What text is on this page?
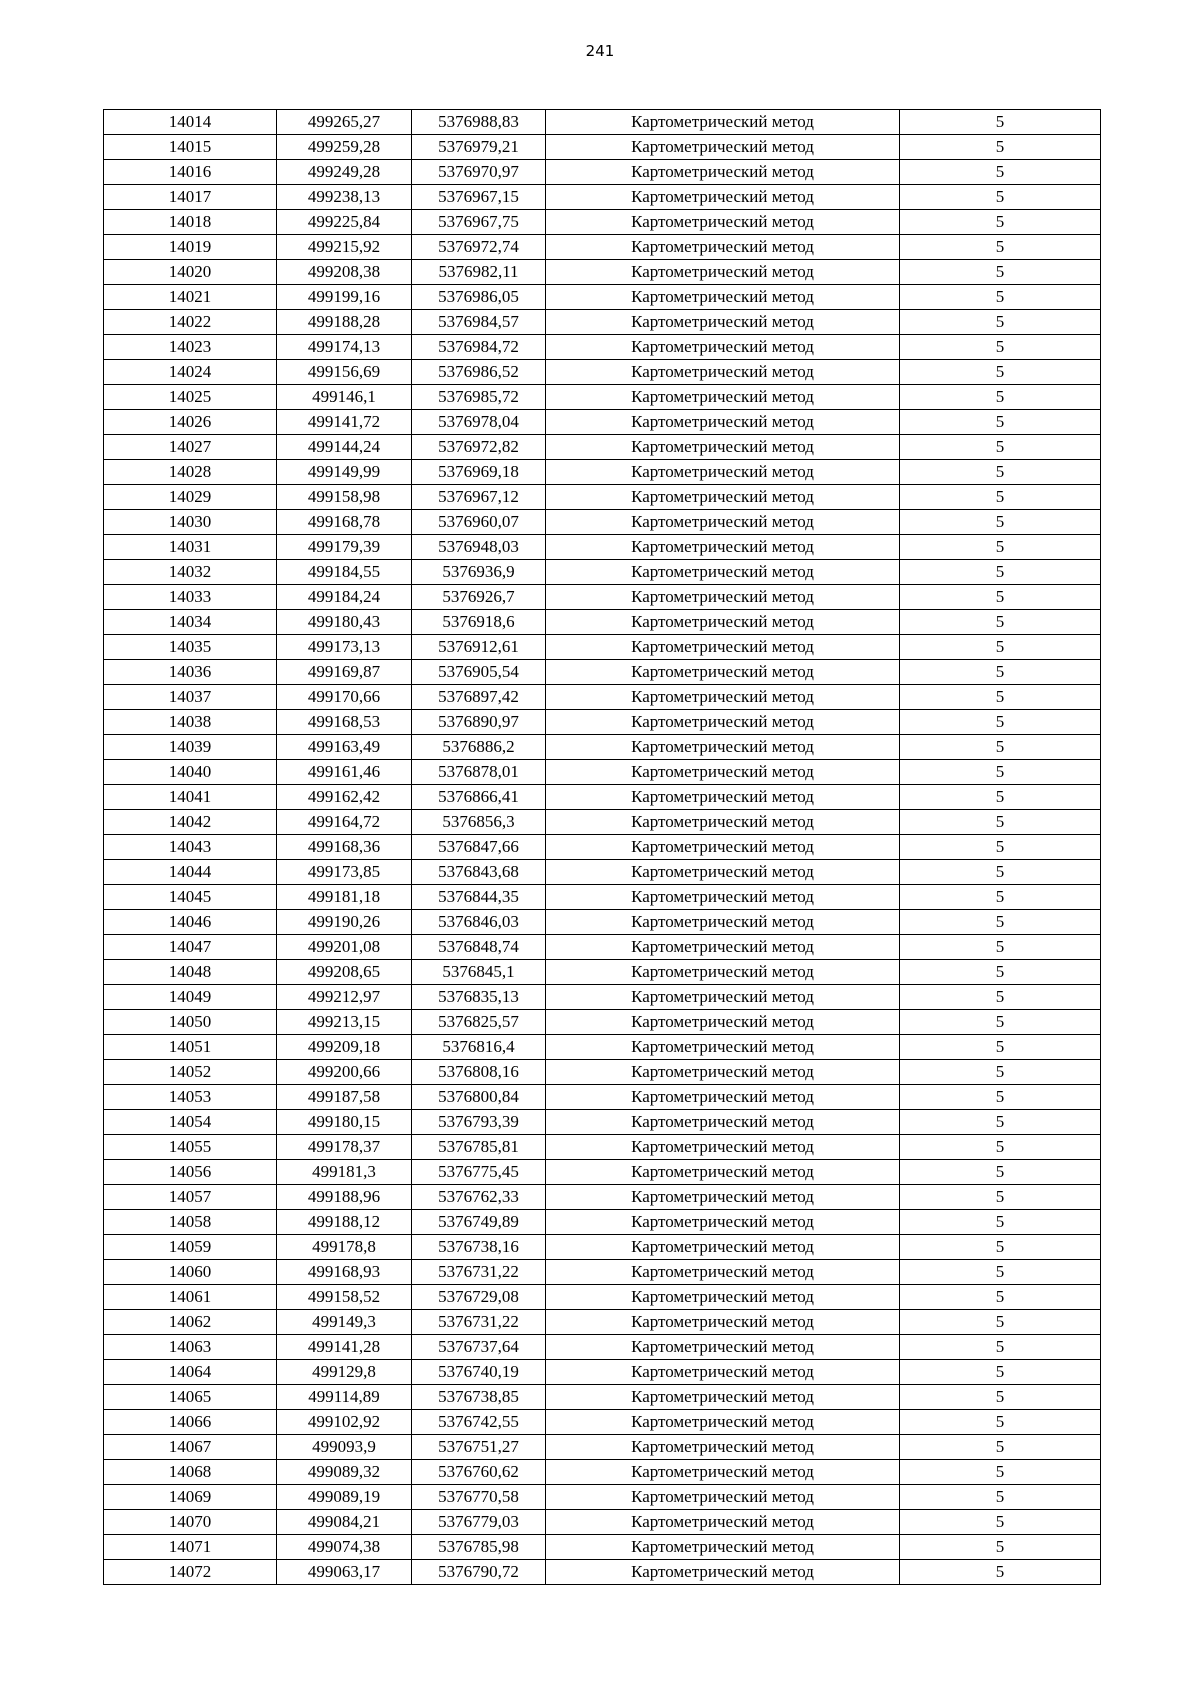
241
14014	499265,27	5376988,83	Картометрический метод	5
14015	499259,28	5376979,21	Картометрический метод	5
14016	499249,28	5376970,97	Картометрический метод	5
14017	499238,13	5376967,15	Картометрический метод	5
14018	499225,84	5376967,75	Картометрический метод	5
14019	499215,92	5376972,74	Картометрический метод	5
14020	499208,38	5376982,11	Картометрический метод	5
14021	499199,16	5376986,05	Картометрический метод	5
14022	499188,28	5376984,57	Картометрический метод	5
14023	499174,13	5376984,72	Картометрический метод	5
14024	499156,69	5376986,52	Картометрический метод	5
14025	499146,1	5376985,72	Картометрический метод	5
14026	499141,72	5376978,04	Картометрический метод	5
14027	499144,24	5376972,82	Картометрический метод	5
14028	499149,99	5376969,18	Картометрический метод	5
14029	499158,98	5376967,12	Картометрический метод	5
14030	499168,78	5376960,07	Картометрический метод	5
14031	499179,39	5376948,03	Картометрический метод	5
14032	499184,55	5376936,9	Картометрический метод	5
14033	499184,24	5376926,7	Картометрический метод	5
14034	499180,43	5376918,6	Картометрический метод	5
14035	499173,13	5376912,61	Картометрический метод	5
14036	499169,87	5376905,54	Картометрический метод	5
14037	499170,66	5376897,42	Картометрический метод	5
14038	499168,53	5376890,97	Картометрический метод	5
14039	499163,49	5376886,2	Картометрический метод	5
14040	499161,46	5376878,01	Картометрический метод	5
14041	499162,42	5376866,41	Картометрический метод	5
14042	499164,72	5376856,3	Картометрический метод	5
14043	499168,36	5376847,66	Картометрический метод	5
14044	499173,85	5376843,68	Картометрический метод	5
14045	499181,18	5376844,35	Картометрический метод	5
14046	499190,26	5376846,03	Картометрический метод	5
14047	499201,08	5376848,74	Картометрический метод	5
14048	499208,65	5376845,1	Картометрический метод	5
14049	499212,97	5376835,13	Картометрический метод	5
14050	499213,15	5376825,57	Картометрический метод	5
14051	499209,18	5376816,4	Картометрический метод	5
14052	499200,66	5376808,16	Картометрический метод	5
14053	499187,58	5376800,84	Картометрический метод	5
14054	499180,15	5376793,39	Картометрический метод	5
14055	499178,37	5376785,81	Картометрический метод	5
14056	499181,3	5376775,45	Картометрический метод	5
14057	499188,96	5376762,33	Картометрический метод	5
14058	499188,12	5376749,89	Картометрический метод	5
14059	499178,8	5376738,16	Картометрический метод	5
14060	499168,93	5376731,22	Картометрический метод	5
14061	499158,52	5376729,08	Картометрический метод	5
14062	499149,3	5376731,22	Картометрический метод	5
14063	499141,28	5376737,64	Картометрический метод	5
14064	499129,8	5376740,19	Картометрический метод	5
14065	499114,89	5376738,85	Картометрический метод	5
14066	499102,92	5376742,55	Картометрический метод	5
14067	499093,9	5376751,27	Картометрический метод	5
14068	499089,32	5376760,62	Картометрический метод	5
14069	499089,19	5376770,58	Картометрический метод	5
14070	499084,21	5376779,03	Картометрический метод	5
14071	499074,38	5376785,98	Картометрический метод	5
14072	499063,17	5376790,72	Картометрический метод	5
